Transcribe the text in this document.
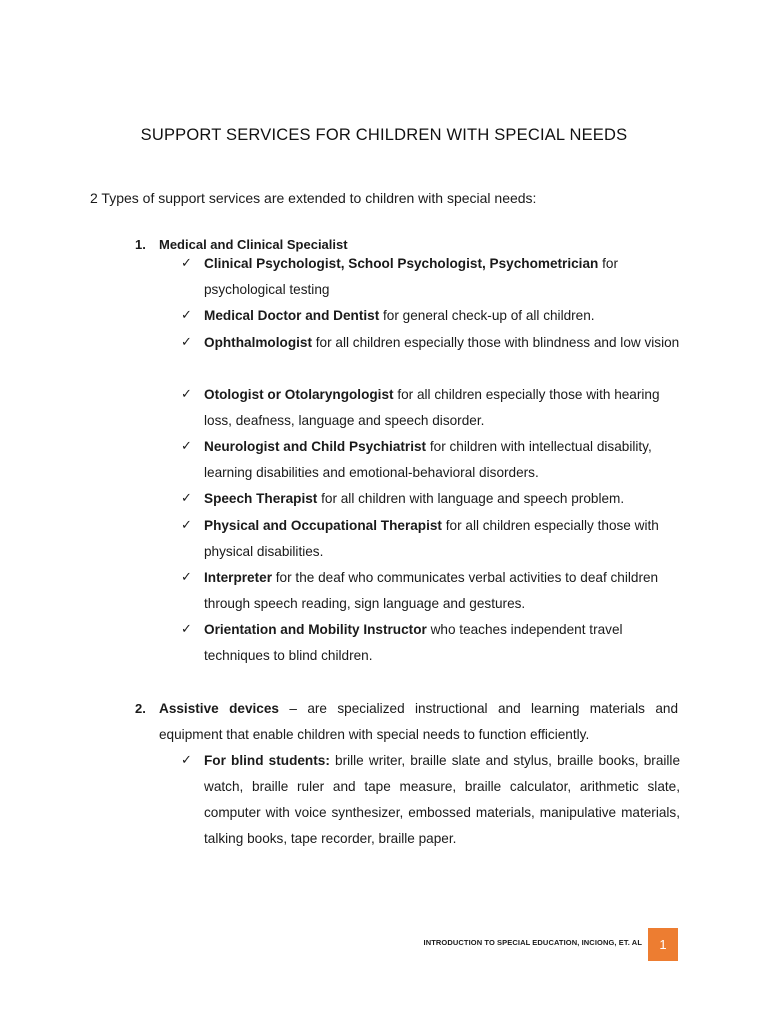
SUPPORT SERVICES FOR CHILDREN WITH SPECIAL NEEDS
2 Types of support services are extended to children with special needs:
1. Medical and Clinical Specialist
✓ Clinical Psychologist, School Psychologist, Psychometrician for psychological testing
✓ Medical Doctor and Dentist for general check-up of all children.
✓ Ophthalmologist for all children especially those with blindness and low vision
✓ Otologist or Otolaryngologist for all children especially those with hearing loss, deafness, language and speech disorder.
✓ Neurologist and Child Psychiatrist for children with intellectual disability, learning disabilities and emotional-behavioral disorders.
✓ Speech Therapist for all children with language and speech problem.
✓ Physical and Occupational Therapist for all children especially those with physical disabilities.
✓ Interpreter for the deaf who communicates verbal activities to deaf children through speech reading, sign language and gestures.
✓ Orientation and Mobility Instructor who teaches independent travel techniques to blind children.
2. Assistive devices – are specialized instructional and learning materials and equipment that enable children with special needs to function efficiently.
✓ For blind students: brille writer, braille slate and stylus, braille books, braille watch, braille ruler and tape measure, braille calculator, arithmetic slate, computer with voice synthesizer, embossed materials, manipulative materials, talking books, tape recorder, braille paper.
INTRODUCTION TO SPECIAL EDUCATION, INCIONG, ET. AL	1
